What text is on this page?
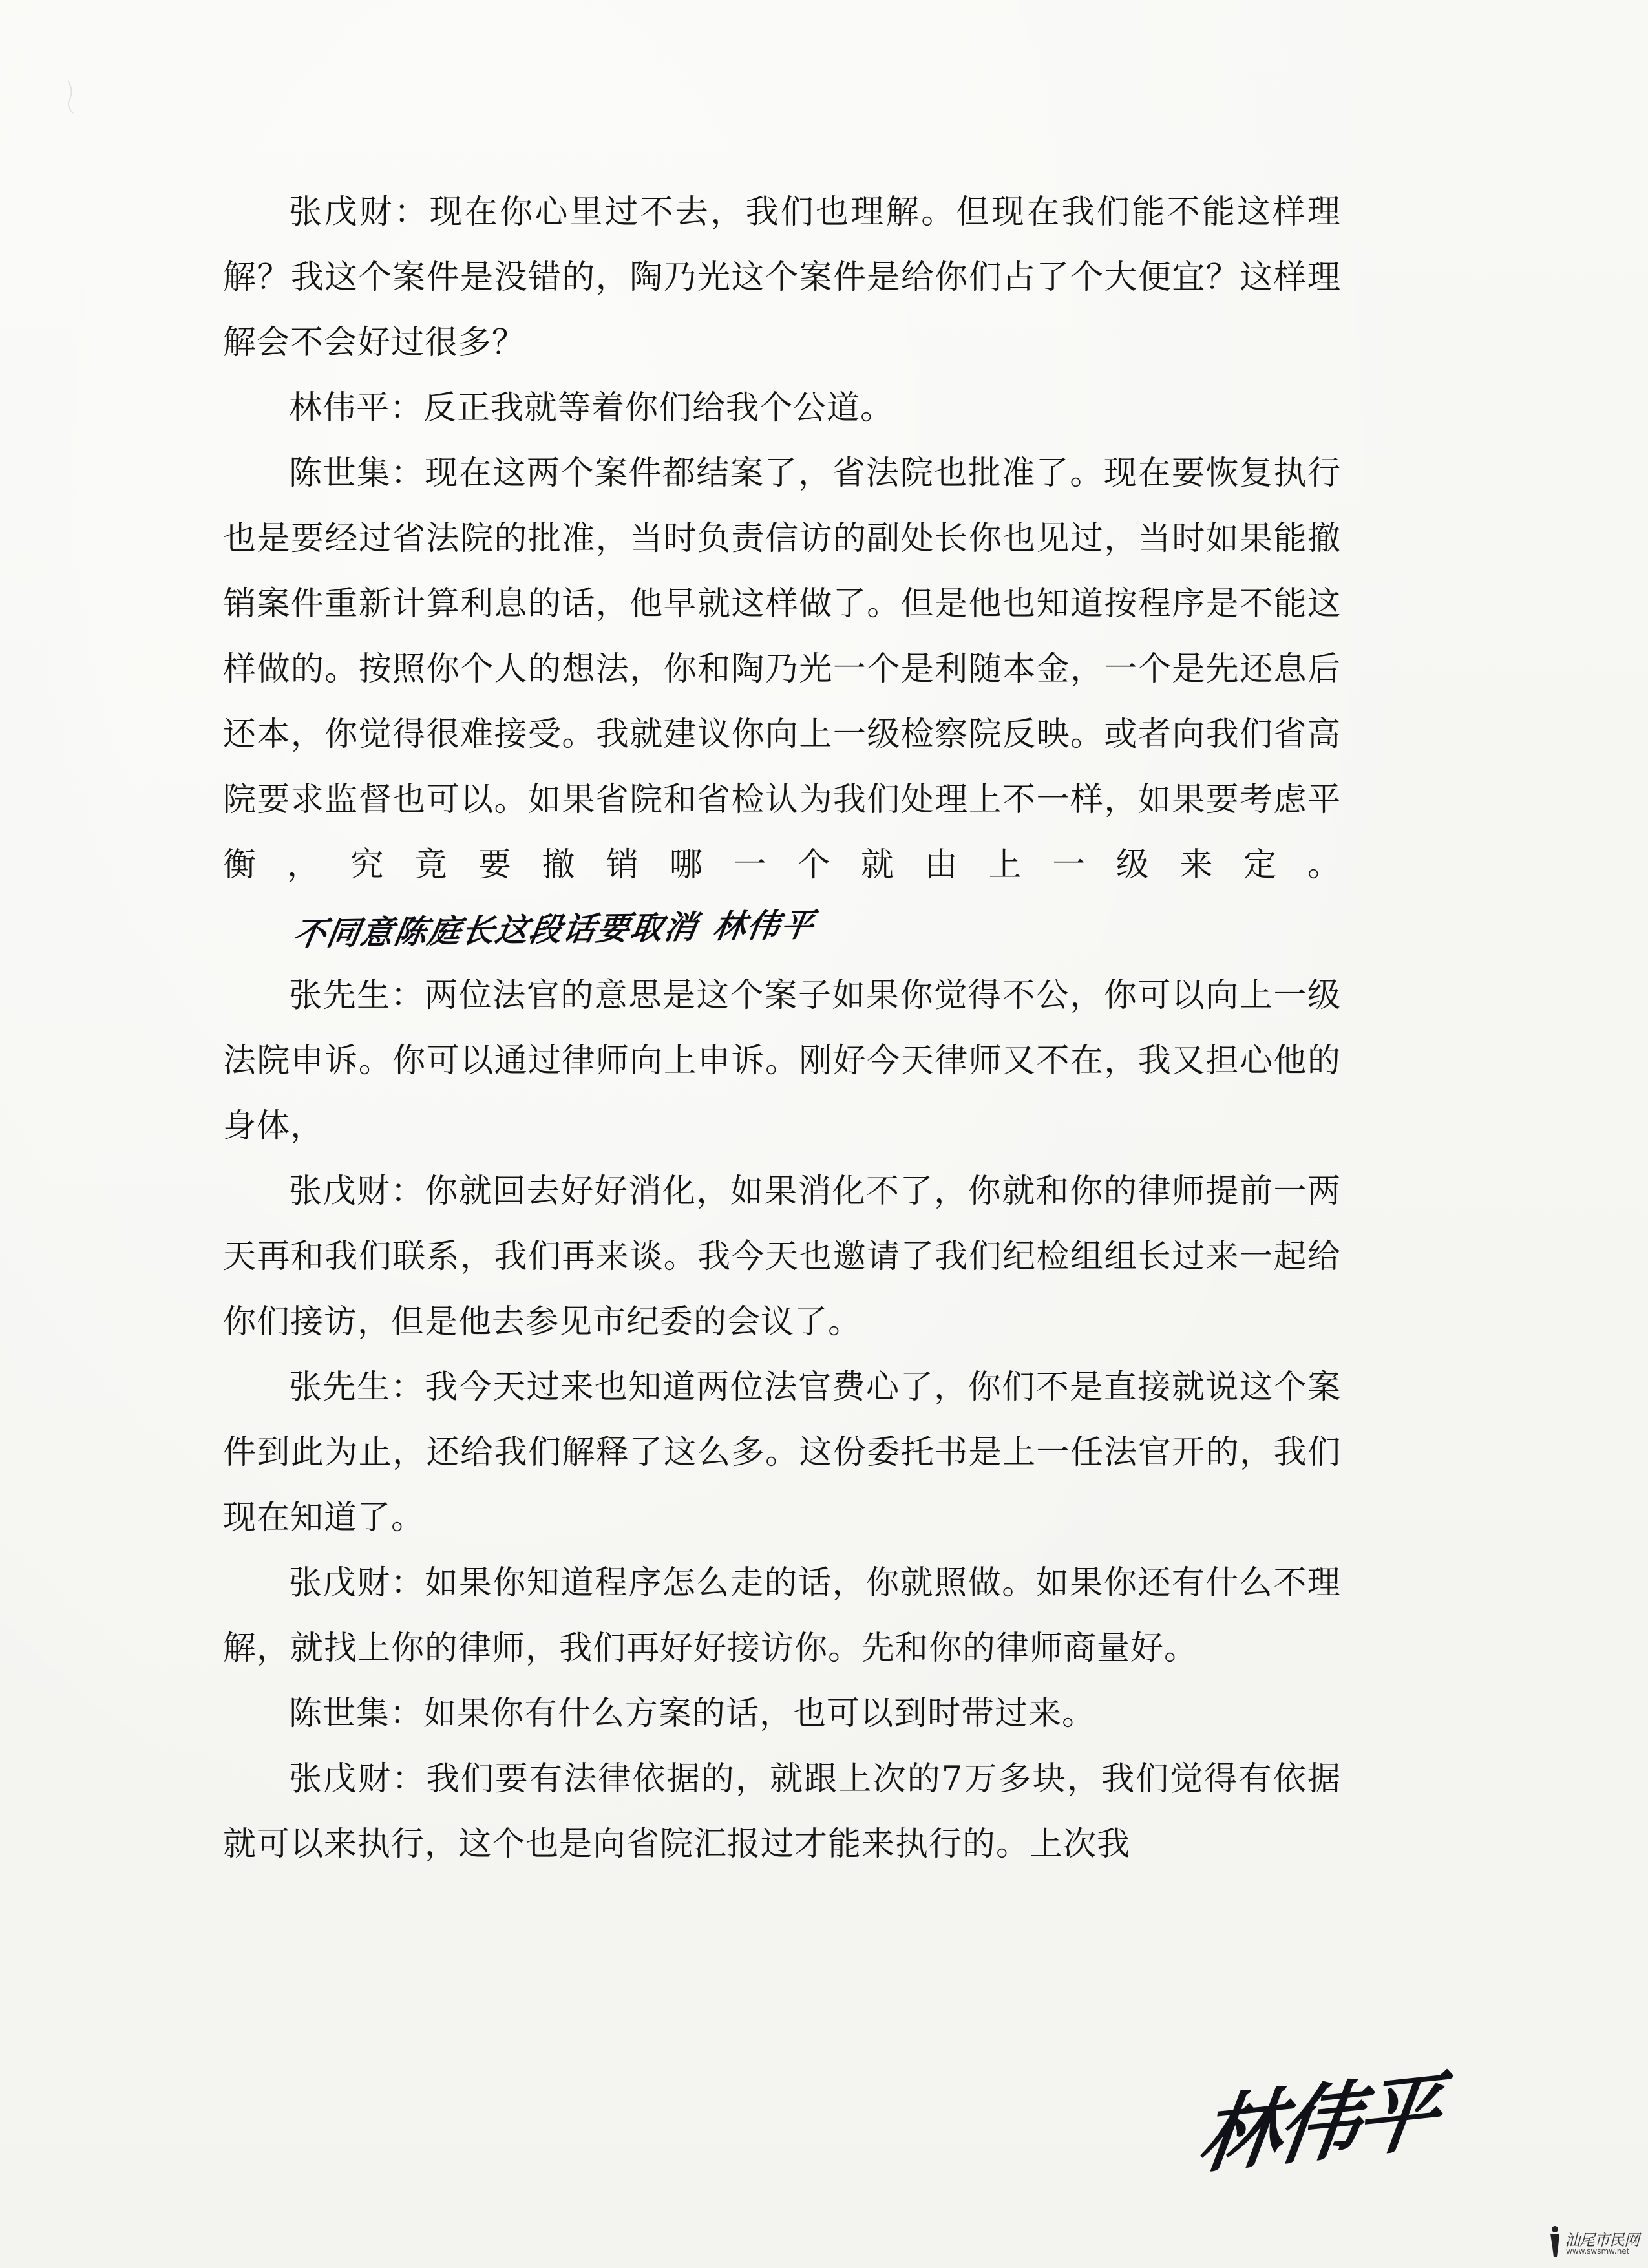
张戊财：现在你心里过不去，我们也理解。但现在我们能不能这样理解？我这个案件是没错的，陶乃光这个案件是给你们占了个大便宜？这样理解会不会好过很多？

林伟平：反正我就等着你们给我个公道。

陈世集：现在这两个案件都结案了，省法院也批准了。现在要恢复执行也是要经过省法院的批准，当时负责信访的副处长你也见过，当时如果能撤销案件重新计算利息的话，他早就这样做了。但是他也知道按程序是不能这样做的。按照你个人的想法，你和陶乃光一个是利随本金，一个是先还息后还本，你觉得很难接受。我就建议你向上一级检察院反映。或者向我们省高院要求监督也可以。如果省院和省检认为我们处理上不一样，如果要考虑平衡，究竟要撤销哪一个就由上一级来定。不同意陈庭长这段话要取消 林伟平

张先生：两位法官的意思是这个案子如果你觉得不公，你可以向上一级法院申诉。你可以通过律师向上申诉。刚好今天律师又不在，我又担心他的身体，

张戊财：你就回去好好消化，如果消化不了，你就和你的律师提前一两天再和我们联系，我们再来谈。我今天也邀请了我们纪检组组长过来一起给你们接访，但是他去参见市纪委的会议了。

张先生：我今天过来也知道两位法官费心了，你们不是直接就说这个案件到此为止，还给我们解释了这么多。这份委托书是上一任法官开的，我们现在知道了。

张戊财：如果你知道程序怎么走的话，你就照做。如果你还有什么不理解，就找上你的律师，我们再好好接访你。先和你的律师商量好。

陈世集：如果你有什么方案的话，也可以到时带过来。

张戊财：我们要有法律依据的，就跟上次的7万多块，我们觉得有依据就可以来执行，这个也是向省院汇报过才能来执行的。上次我

林伟平
汕尾市民网
www.swsmw.net
